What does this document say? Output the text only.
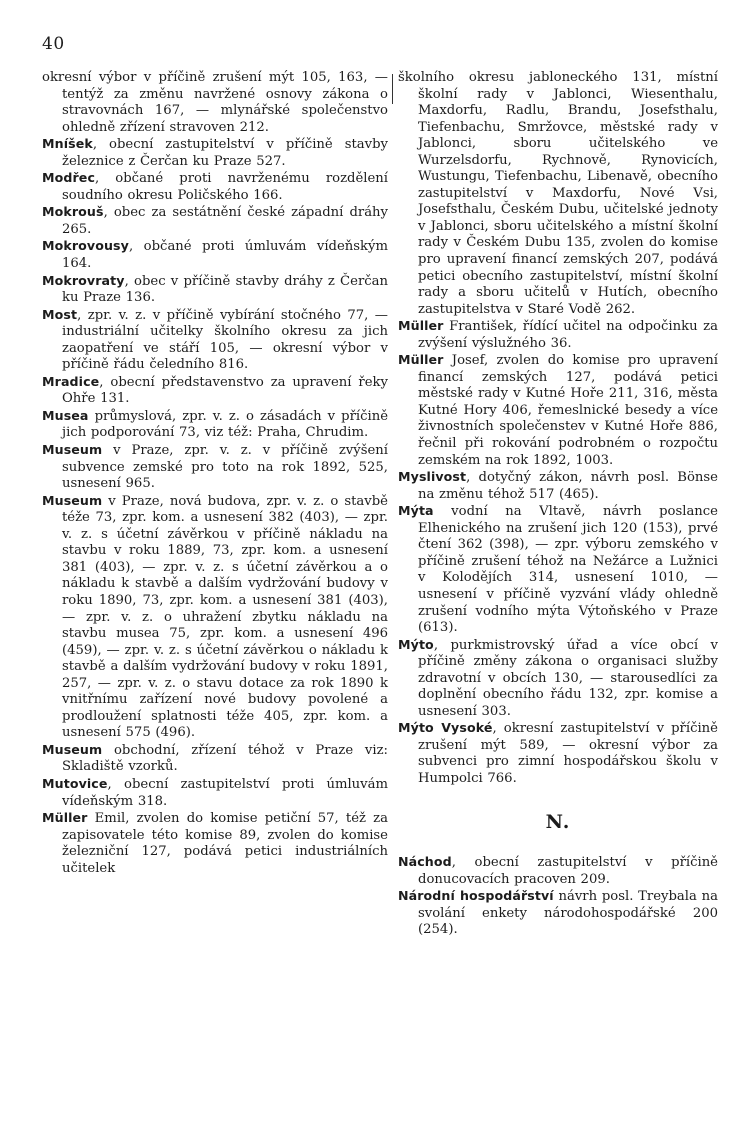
40

okresní výbor v příčině zrušení mýt 105, 163, — tentýž za změnu navržené osnovy zákona o stravovnách 167, — mlynářské společenstvo ohledně zřízení stravoven 212.

Mníšek, obecní zastupitelství v příčině stavby železnice z Čerčan ku Praze 527.

Modřec, občané proti navrženému rozdělení soudního okresu Poličského 166.

Mokrouš, obec za sestátnění české západní dráhy 265.

Mokrovousy, občané proti úmluvám vídeňským 164.

Mokrovraty, obec v příčině stavby dráhy z Čerčan ku Praze 136.

Most, zpr. v. z. v příčině vybírání stočného 77, — industriální učitelky školního okresu za jich zaopatření ve stáří 105, — okresní výbor v příčině řádu čeledního 816.

Mradice, obecní představenstvo za upravení řeky Ohře 131.

Musea průmyslová, zpr. v. z. o zásadách v příčině jich podporování 73, viz též: Praha, Chrudim.

Museum v Praze, zpr. v. z. v příčině zvýšení subvence zemské pro toto na rok 1892, 525, usnesení 965.

Museum v Praze, nová budova, zpr. v. z. o stavbě téže 73, zpr. kom. a usnesení 382 (403), — zpr. v. z. s účetní závěrkou v příčině nákladu na stavbu v roku 1889, 73, zpr. kom. a usnesení 381 (403), — zpr. v. z. s účetní závěrkou a o nákladu k stavbě a dalším vydržování budovy v roku 1890, 73, zpr. kom. a usnesení 381 (403), — zpr. v. z. o uhražení zbytku nákladu na stavbu musea 75, zpr. kom. a usnesení 496 (459), — zpr. v. z. s účetní závěrkou o nákladu k stavbě a dalším vydržování budovy v roku 1891, 257, — zpr. v. z. o stavu dotace za rok 1890 k vnitřnímu zařízení nové budovy povolené a prodloužení splatnosti téže 405, zpr. kom. a usnesení 575 (496).

Museum obchodní, zřízení téhož v Praze viz: Skladiště vzorků.

Mutovice, obecní zastupitelství proti úmluvám vídeňským 318.

Müller Emil, zvolen do komise petiční 57, též za zapisovatele této komise 89, zvolen do komise železniční 127, podává petici industriálních učitelek

školního okresu jabloneckého 131, místní školní rady v Jablonci, Wiesenthalu, Maxdorfu, Radlu, Brandu, Josefsthalu, Tiefenbachu, Smržovce, městské rady v Jablonci, sboru učitelského ve Wurzelsdorfu, Rychnově, Rynovicích, Wustungu, Tiefenbachu, Libenavě, obecního zastupitelství v Maxdorfu, Nové Vsi, Josefsthalu, Českém Dubu, učitelské jednoty v Jablonci, sboru učitelského a místní školní rady v Českém Dubu 135, zvolen do komise pro upravení financí zemských 207, podává petici obecního zastupitelství, místní školní rady a sboru učitelů v Hutích, obecního zastupitelstva v Staré Vodě 262.

Müller František, řídící učitel na odpočinku za zvýšení výslužného 36.

Müller Josef, zvolen do komise pro upravení financí zemských 127, podává petici městské rady v Kutné Hoře 211, 316, města Kutné Hory 406, řemeslnické besedy a více živnostních společenstev v Kutné Hoře 886, řečnil při rokování podrobném o rozpočtu zemském na rok 1892, 1003.

Myslivost, dotyčný zákon, návrh posl. Bönse na změnu téhož 517 (465).

Mýta vodní na Vltavě, návrh poslance Elhenického na zrušení jich 120 (153), prvé čtení 362 (398), — zpr. výboru zemského v příčině zrušení téhož na Nežárce a Lužnici v Kolodějích 314, usnesení 1010, — usnesení v příčině vyzvání vlády ohledně zrušení vodního mýta Výtoňského v Praze (613).

Mýto, purkmistrovský úřad a více obcí v příčině změny zákona o organisaci služby zdravotní v obcích 130, — starousedlíci za doplnění obecního řádu 132, zpr. komise a usnesení 303.

Mýto Vysoké, okresní zastupitelství v příčině zrušení mýt 589, — okresní výbor za subvenci pro zimní hospodářskou školu v Humpolci 766.

N.

Náchod, obecní zastupitelství v příčině donucovacích pracoven 209.

Národní hospodářství návrh posl. Treybala na svolání enkety národohospodářské 200 (254).
